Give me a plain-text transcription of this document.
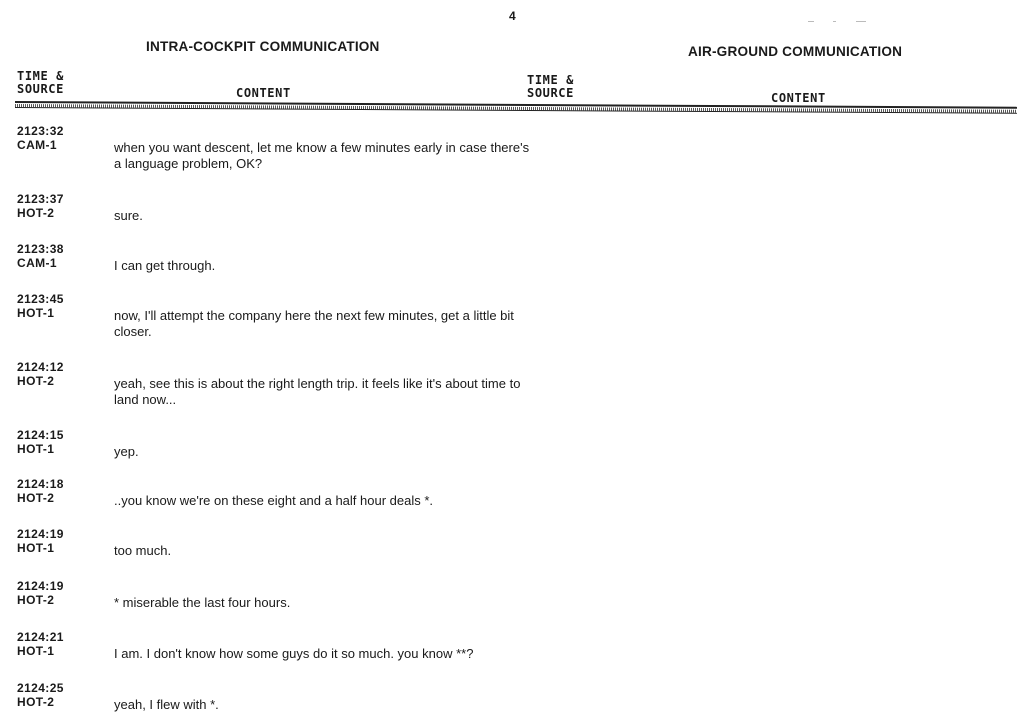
4
INTRA-COCKPIT COMMUNICATION	AIR-GROUND COMMUNICATION
TIME &
SOURCE	CONTENT
TIME &
SOURCE	CONTENT
2123:32
CAM-1	when you want descent, let me know a few minutes early in case there's a language problem, OK?
2123:37
HOT-2	sure.
2123:38
CAM-1	I can get through.
2123:45
HOT-1	now, I'll attempt the company here the next few minutes, get a little bit closer.
2124:12
HOT-2	yeah, see this is about the right length trip. it feels like it's about time to land now...
2124:15
HOT-1	yep.
2124:18
HOT-2	..you know we're on these eight and a half hour deals *.
2124:19
HOT-1	too much.
2124:19
HOT-2	* miserable the last four hours.
2124:21
HOT-1	I am. I don't know how some guys do it so much. you know **?
2124:25
HOT-2	yeah, I flew with *.
